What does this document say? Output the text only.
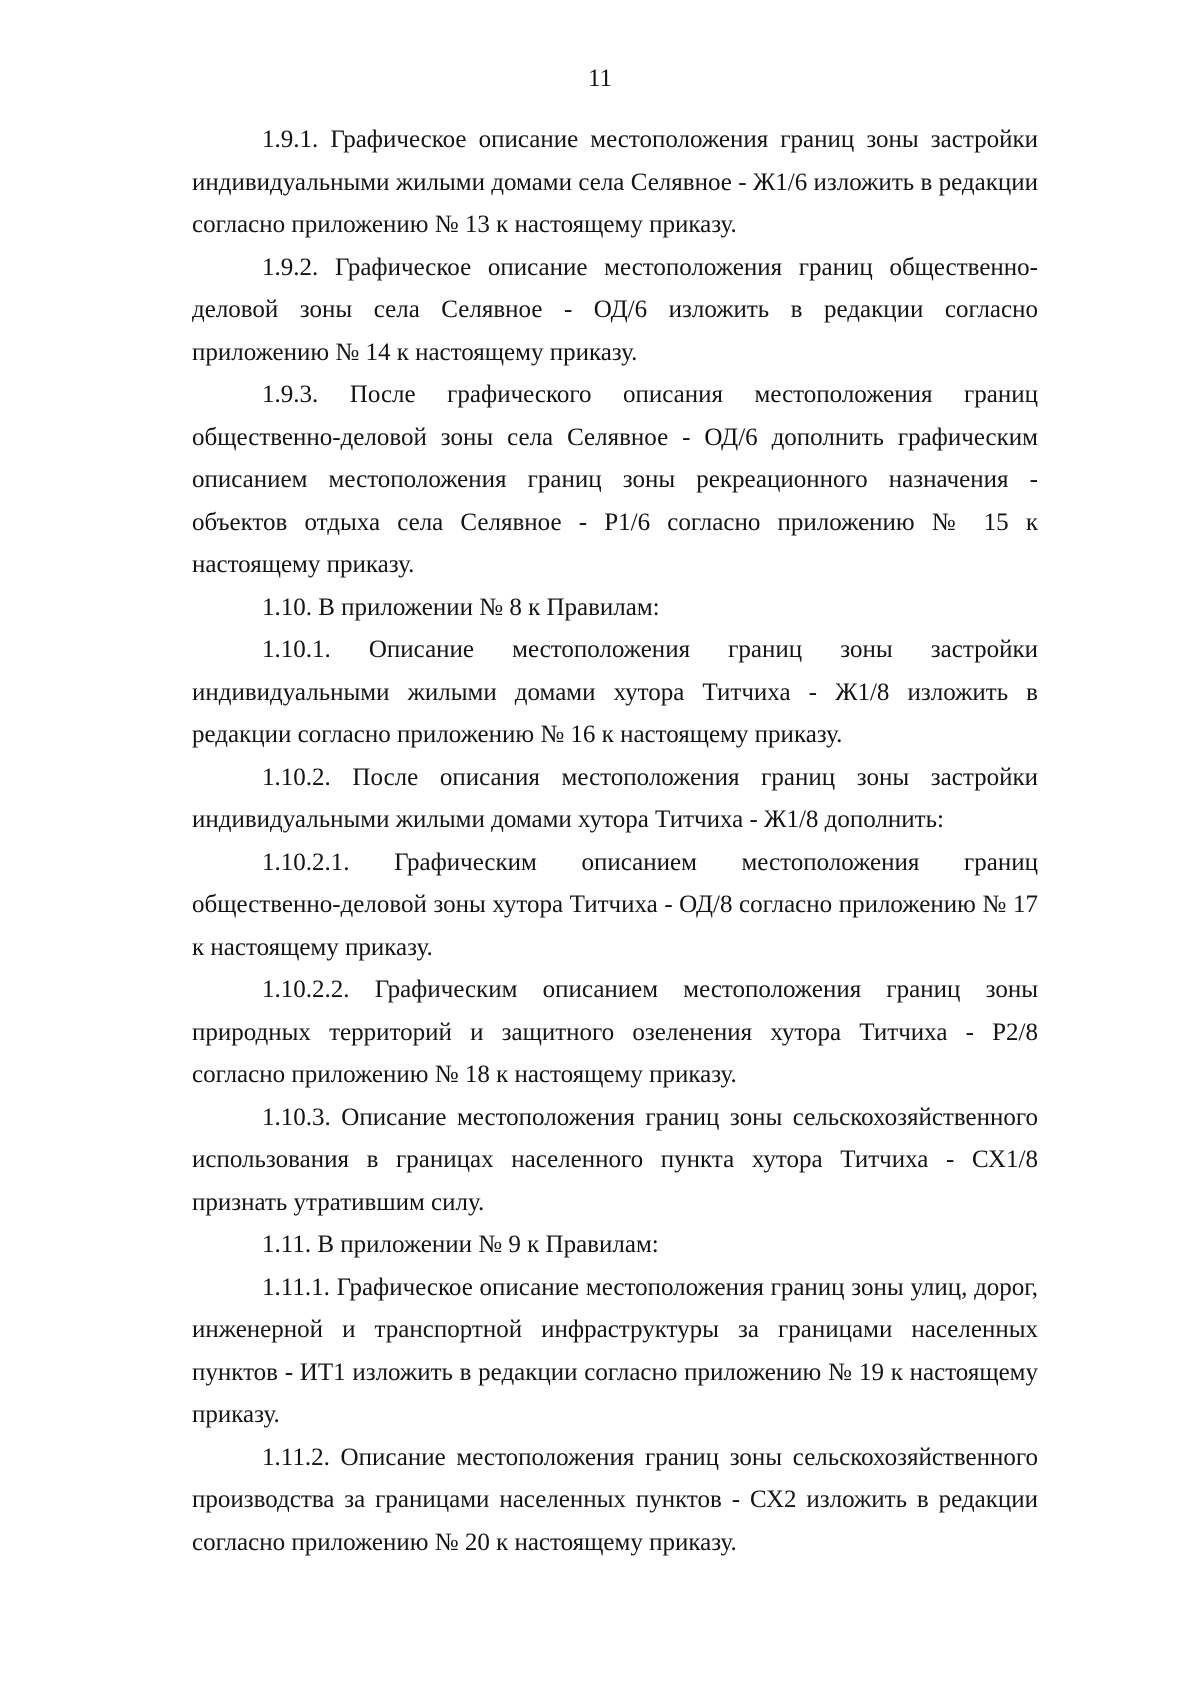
11

1.9.1. Графическое описание местоположения границ зоны застройки индивидуальными жилыми домами села Селявное - Ж1/6 изложить в редакции согласно приложению № 13 к настоящему приказу.

1.9.2. Графическое описание местоположения границ общественно-деловой зоны села Селявное - ОД/6 изложить в редакции согласно приложению № 14 к настоящему приказу.

1.9.3. После графического описания местоположения границ общественно-деловой зоны села Селявное - ОД/6 дополнить графическим описанием местоположения границ зоны рекреационного назначения - объектов отдыха села Селявное - Р1/6 согласно приложению № 15 к настоящему приказу.

1.10. В приложении № 8 к Правилам:

1.10.1. Описание местоположения границ зоны застройки индивидуальными жилыми домами хутора Титчиха - Ж1/8 изложить в редакции согласно приложению № 16 к настоящему приказу.

1.10.2. После описания местоположения границ зоны застройки индивидуальными жилыми домами хутора Титчиха - Ж1/8 дополнить:

1.10.2.1. Графическим описанием местоположения границ общественно-деловой зоны хутора Титчиха - ОД/8 согласно приложению № 17 к настоящему приказу.

1.10.2.2. Графическим описанием местоположения границ зоны природных территорий и защитного озеленения хутора Титчиха - Р2/8 согласно приложению № 18 к настоящему приказу.

1.10.3. Описание местоположения границ зоны сельскохозяйственного использования в границах населенного пункта хутора Титчиха - СХ1/8 признать утратившим силу.

1.11. В приложении № 9 к Правилам:

1.11.1. Графическое описание местоположения границ зоны улиц, дорог, инженерной и транспортной инфраструктуры за границами населенных пунктов - ИТ1 изложить в редакции согласно приложению № 19 к настоящему приказу.

1.11.2. Описание местоположения границ зоны сельскохозяйственного производства за границами населенных пунктов - СХ2 изложить в редакции согласно приложению № 20 к настоящему приказу.
